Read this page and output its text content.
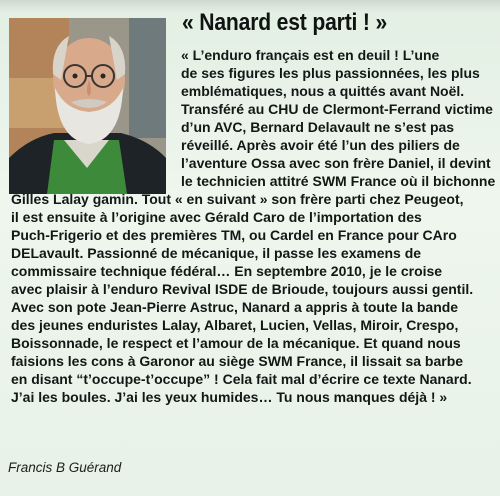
« Nanard est parti ! »
« L’enduro français est en deuil ! L’une
de ses figures les plus passionnées, les plus
emblématiques, nous a quittés avant Noël.
Transféré au CHU de Clermont-Ferrand victime
d’un AVC, Bernard Delavault ne s’est pas
réveillé. Après avoir été l’un des piliers de
l’aventure Ossa avec son frère Daniel, il devint
le technicien attitré SWM France où il bichonne
Gilles Lalay gamin. Tout « en suivant » son frère parti chez Peugeot,
il est ensuite à l’origine avec Gérald Caro de l’importation des
Puch-Frigerio et des premières TM, ou Cardel en France pour CAro
DELavault. Passionné de mécanique, il passe les examens de
commissaire technique fédéral… En septembre 2010, je le croise
avec plaisir à l’enduro Revival ISDE de Brioude, toujours aussi gentil.
Avec son pote Jean-Pierre Astruc, Nanard a appris à toute la bande
des jeunes enduristes Lalay, Albaret, Lucien, Vellas, Miroir, Crespo,
Boissonnade, le respect et l’amour de la mécanique. Et quand nous
faisions les cons à Garonor au siège SWM France, il lissait sa barbe
en disant “t’occupe-t’occupe” ! Cela fait mal d’écrire ce texte Nanard.
J’ai les boules. J’ai les yeux humides… Tu nous manques déjà ! »
Francis B Guérand
